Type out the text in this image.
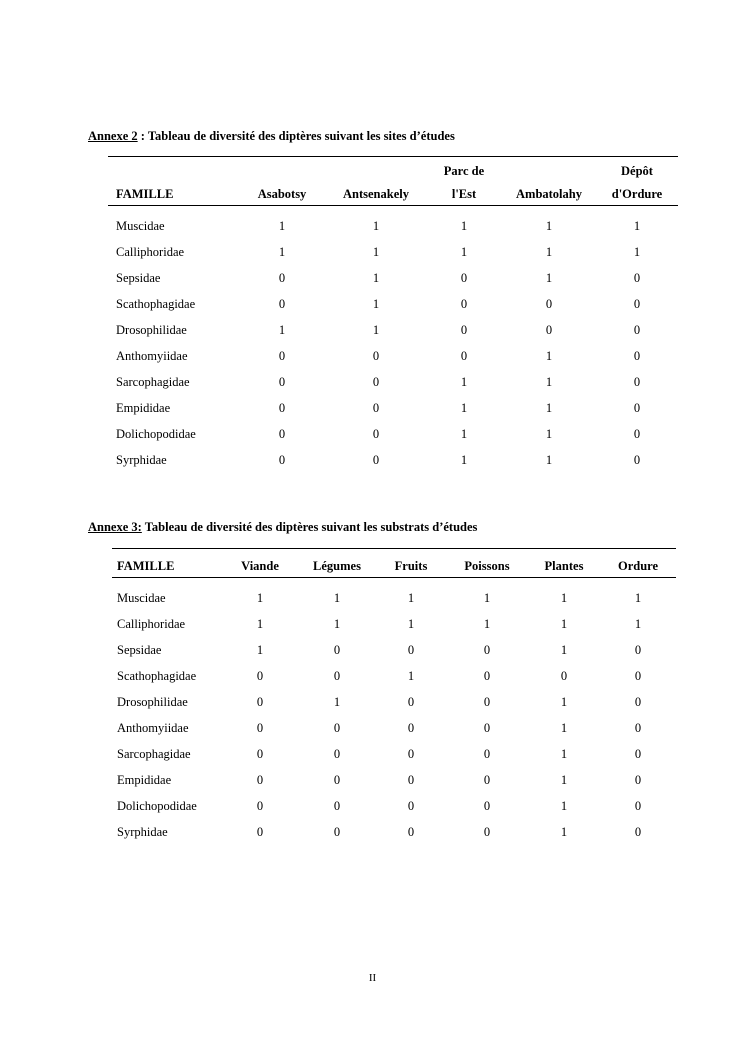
Annexe 2 : Tableau de diversité des diptères suivant les sites d’études

			Parc de		Dépôt
FAMILLE	Asabotsy	Antsenakely	l'Est	Ambatolahy	d'Ordure
Muscidae	1	1	1	1	1
Calliphoridae	1	1	1	1	1
Sepsidae	0	1	0	1	0
Scathophagidae	0	1	0	0	0
Drosophilidae	1	1	0	0	0
Anthomyiidae	0	0	0	1	0
Sarcophagidae	0	0	1	1	0
Empididae	0	0	1	1	0
Dolichopodidae	0	0	1	1	0
Syrphidae	0	0	1	1	0

Annexe 3: Tableau de diversité des diptères suivant les substrats d’études

FAMILLE	Viande	Légumes	Fruits	Poissons	Plantes	Ordure
Muscidae	1	1	1	1	1	1
Calliphoridae	1	1	1	1	1	1
Sepsidae	1	0	0	0	1	0
Scathophagidae	0	0	1	0	0	0
Drosophilidae	0	1	0	0	1	0
Anthomyiidae	0	0	0	0	1	0
Sarcophagidae	0	0	0	0	1	0
Empididae	0	0	0	0	1	0
Dolichopodidae	0	0	0	0	1	0
Syrphidae	0	0	0	0	1	0
II
